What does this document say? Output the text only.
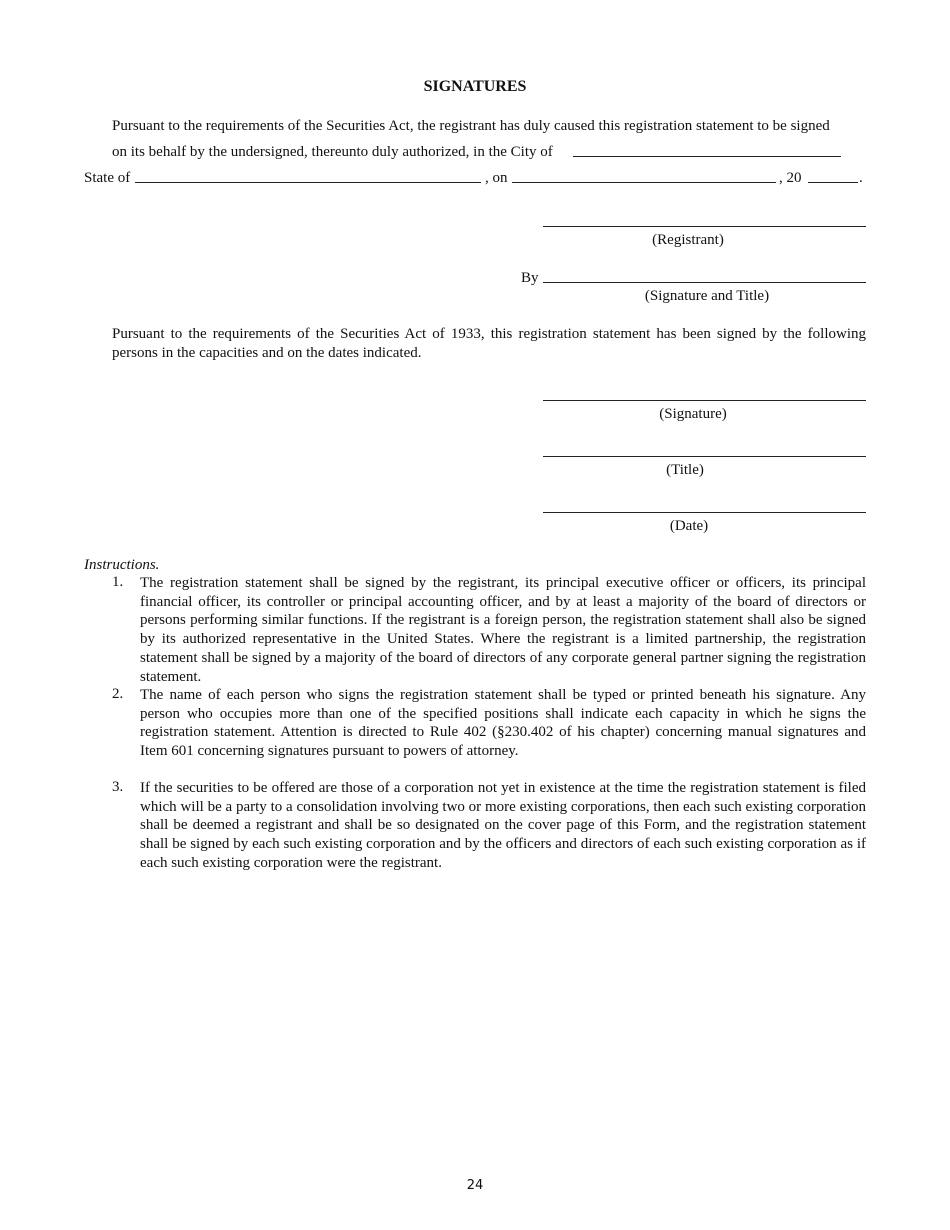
SIGNATURES
Pursuant to the requirements of the Securities Act, the registrant has duly caused this registration statement to be signed
on its behalf by the undersigned, thereunto duly authorized, in the City of
State of	, on	, 20	.
(Registrant)
By
(Signature and Title)
Pursuant to the requirements of the Securities Act of 1933, this registration statement has been signed by the following persons in the capacities and on the dates indicated.
(Signature)
(Title)
(Date)
Instructions.
1. The registration statement shall be signed by the registrant, its principal executive officer or officers, its principal financial officer, its controller or principal accounting officer, and by at least a majority of the board of directors or persons performing similar functions. If the registrant is a foreign person, the registration statement shall also be signed by its authorized representative in the United States. Where the registrant is a limited partnership, the registration statement shall be signed by a majority of the board of directors of any corporate general partner signing the registration statement.
2. The name of each person who signs the registration statement shall be typed or printed beneath his signature. Any person who occupies more than one of the specified positions shall indicate each capacity in which he signs the registration statement. Attention is directed to Rule 402 (§230.402 of his chapter) concerning manual signatures and Item 601 concerning signatures pursuant to powers of attorney.
3. If the securities to be offered are those of a corporation not yet in existence at the time the registration statement is filed which will be a party to a consolidation involving two or more existing corporations, then each such existing corporation shall be deemed a registrant and shall be so designated on the cover page of this Form, and the registration statement shall be signed by each such existing corporation and by the officers and directors of each such existing corporation as if each such existing corporation were the registrant.
24
